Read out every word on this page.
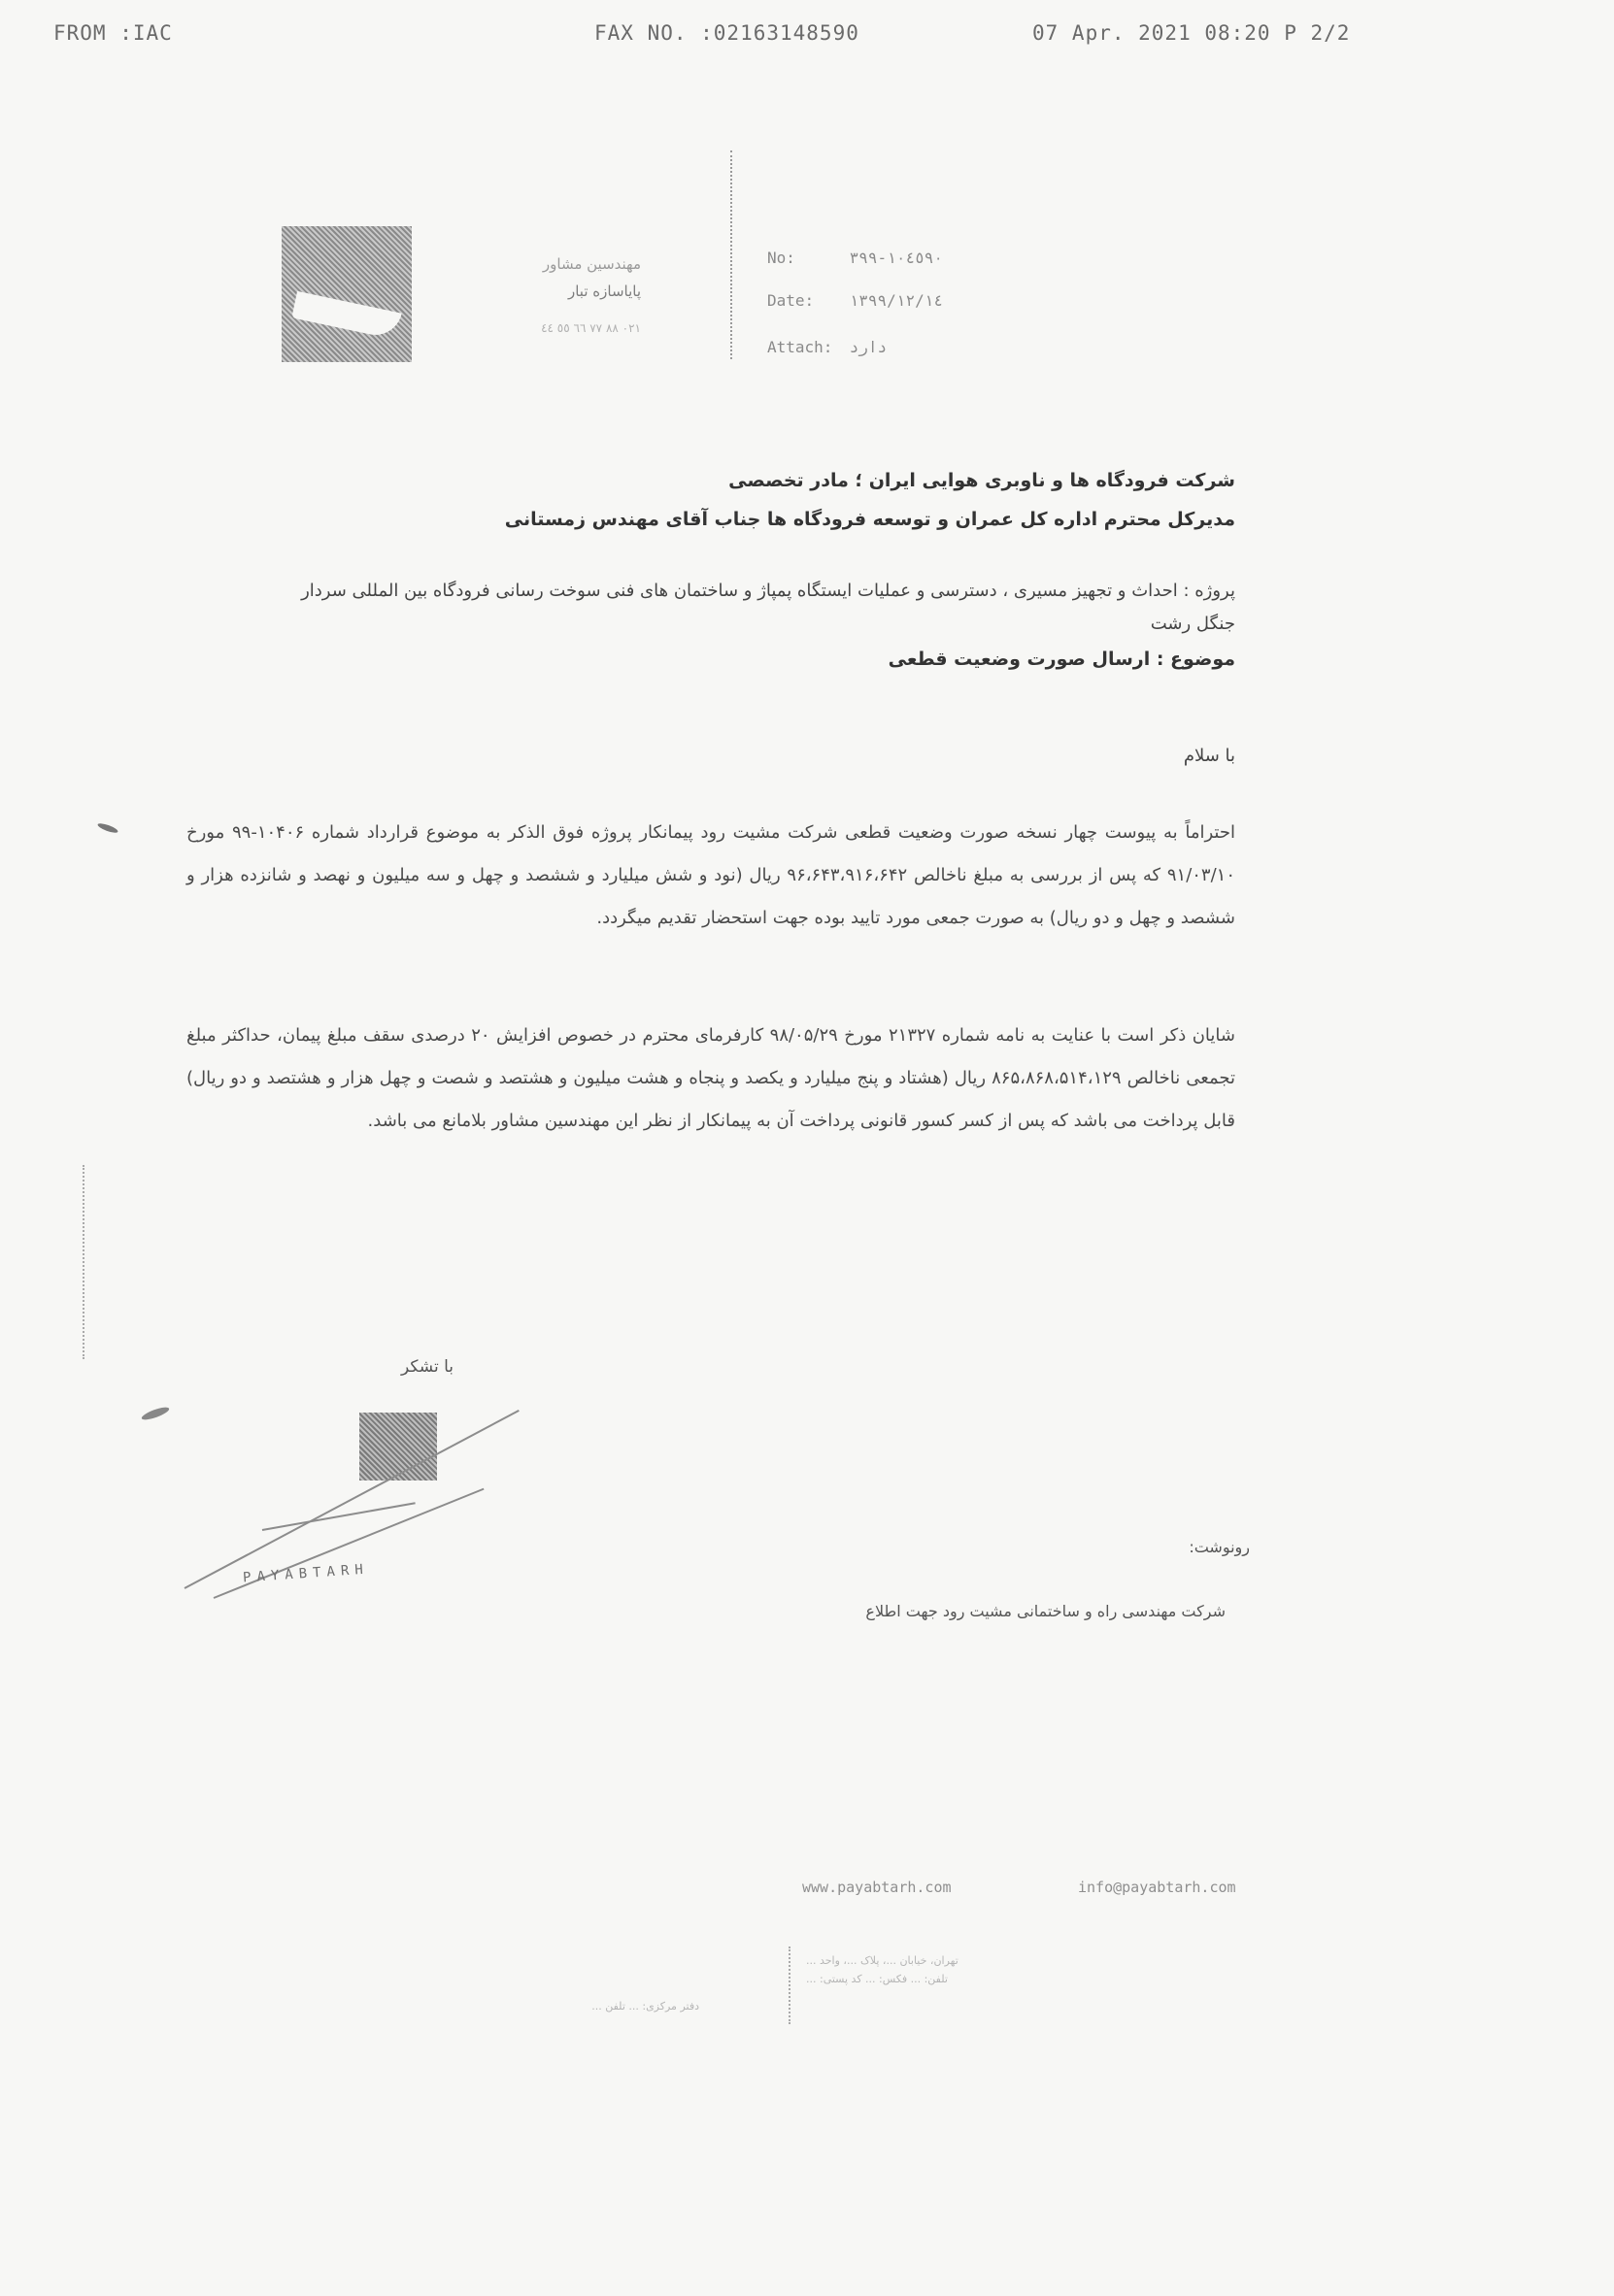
FROM :IAC	FAX NO. :02163148590	07 Apr. 2021 08:20 P 2/2
مهندسین مشاور
پایاسازه تبار
٠٢١ ٨٨ ٧٧ ٦٦ ٥٥ ٤٤
No:	١٠٤٥٩٠-٣٩٩
Date: ١٣٩٩/١٢/١٤
Attach: دارد
شرکت فرودگاه ها و ناوبری هوایی ایران ؛ مادر تخصصی
مدیرکل محترم اداره کل عمران و توسعه فرودگاه ها جناب آقای مهندس زمستانی
پروژه : احداث و تجهیز مسیری ، دسترسی و عملیات ایستگاه پمپاژ و ساختمان های فنی سوخت رسانی فرودگاه بین المللی سردار جنگل رشت
موضوع : ارسال صورت وضعیت قطعی
با سلام
احتراماً به پیوست چهار نسخه صورت وضعیت قطعی شرکت مشیت رود پیمانکار پروژه فوق الذکر به موضوع قرارداد شماره ۱۰۴۰۶-۹۹ مورخ ۹۱/۰۳/۱۰ که پس از بررسی به مبلغ ناخالص ۹۶،۶۴۳،۹۱۶،۶۴۲ ریال (نود و شش میلیارد و ششصد و چهل و سه میلیون و نهصد و شانزده هزار و ششصد و چهل و دو ریال) به صورت جمعی مورد تایید بوده جهت استحضار تقدیم میگردد.
شایان ذکر است با عنایت به نامه شماره ۲۱۳۲۷ مورخ ۹۸/۰۵/۲۹ کارفرمای محترم در خصوص افزایش ۲۰ درصدی سقف مبلغ پیمان، حداکثر مبلغ تجمعی ناخالص ۸۶۵،۸۶۸،۵۱۴،۱۲۹ ریال (هشتاد و پنج میلیارد و یکصد و پنجاه و هشت میلیون و هشتصد و شصت و چهل هزار و هشتصد و دو ریال) قابل پرداخت می باشد که پس از کسر کسور قانونی پرداخت آن به پیمانکار از نظر این مهندسین مشاور بلامانع می باشد.
با تشکر
PAYABTARH
رونوشت:
شرکت مهندسی راه و ساختمانی مشیت رود جهت اطلاع
www.payabtarh.com	info@payabtarh.com
تهران، خیابان ...، پلاک ...، واحد ...
تلفن: ... فکس: ... کد پستی: ...
دفتر مرکزی: ... تلفن ...
